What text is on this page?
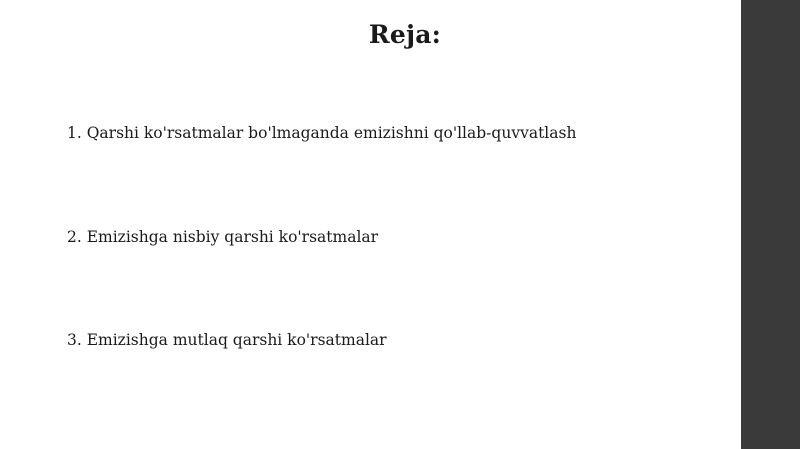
Reja:
1. Qarshi ko'rsatmalar bo'lmaganda emizishni qo'llab-quvvatlash
2. Emizishga nisbiy qarshi ko'rsatmalar
3. Emizishga mutlaq qarshi ko'rsatmalar
